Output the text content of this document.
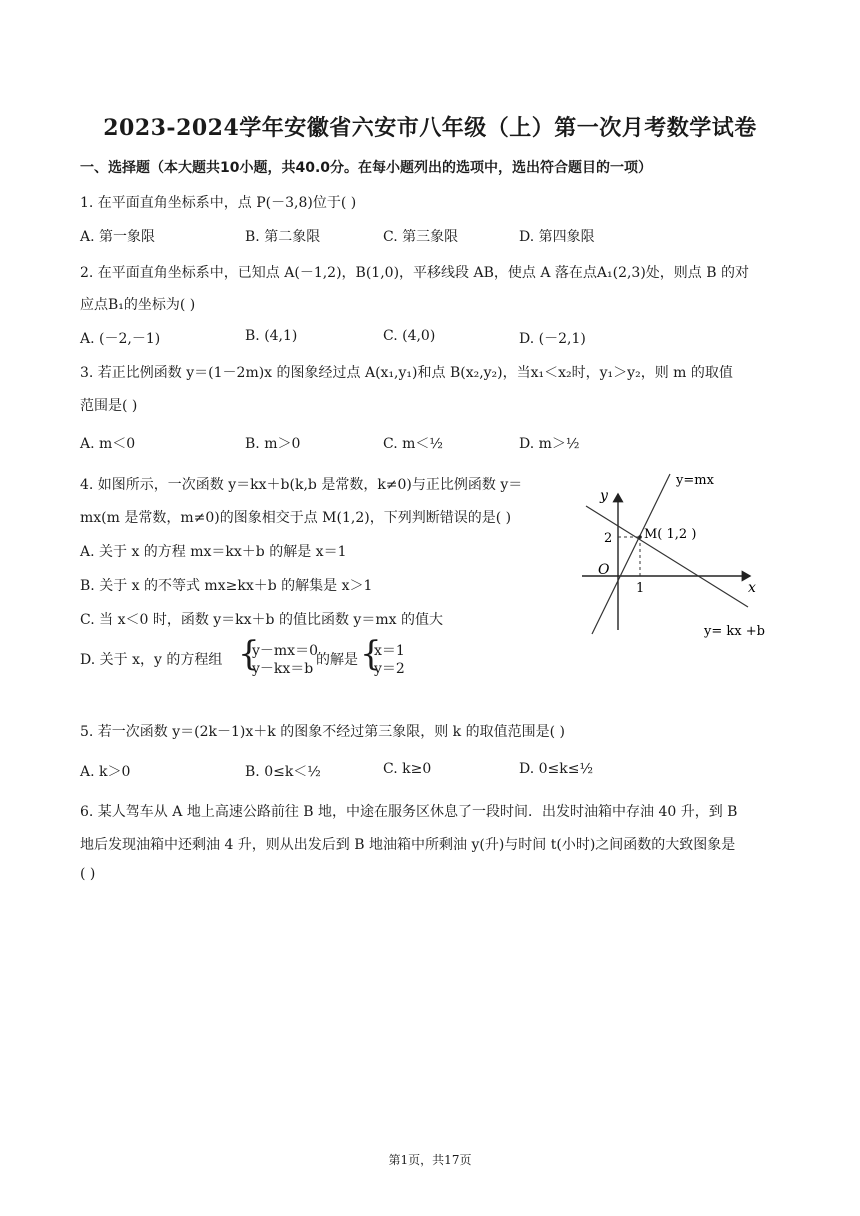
2023-2024学年安徽省六安市八年级（上）第一次月考数学试卷
一、选择题（本大题共10小题，共40.0分。在每小题列出的选项中，选出符合题目的一项）
1. 在平面直角坐标系中，点 P(－3,8)位于( )
A. 第一象限	B. 第二象限	C. 第三象限	D. 第四象限
2. 在平面直角坐标系中，已知点 A(－1,2)，B(1,0)，平移线段 AB，使点 A 落在点A₁(2,3)处，则点 B 的对
应点B₁的坐标为( )
A. (－2,－1)	B. (4,1)	C. (4,0)	D. (－2,1)
3. 若正比例函数 y＝(1－2m)x 的图象经过点 A(x₁,y₁)和点 B(x₂,y₂)，当x₁＜x₂时，y₁＞y₂，则 m 的取值
范围是( )
A. m＜0	B. m＞0	C. m＜½	D. m＞½
4. 如图所示，一次函数 y＝kx＋b(k,b 是常数，k≠0)与正比例函数 y＝
mx(m 是常数，m≠0)的图象相交于点 M(1,2)，下列判断错误的是( )
A. 关于 x 的方程 mx＝kx＋b 的解是 x＝1
B. 关于 x 的不等式 mx≥kx＋b 的解集是 x＞1
C. 当 x＜0 时，函数 y＝kx＋b 的值比函数 y＝mx 的值大
D. 关于 x，y 的方程组 {
y－mx＝0
y－kx＝b
的解是 {
x＝1
y＝2
y
x
O
1
2 M( 1,2 )
y=mx
y= kx +b
5. 若一次函数 y＝(2k－1)x＋k 的图象不经过第三象限，则 k 的取值范围是( )
A. k＞0	B. 0≤k＜½	C. k≥0	D. 0≤k≤½
6. 某人驾车从 A 地上高速公路前往 B 地，中途在服务区休息了一段时间．出发时油箱中存油 40 升，到 B
地后发现油箱中还剩油 4 升，则从出发后到 B 地油箱中所剩油 y(升)与时间 t(小时)之间函数的大致图象是
( )
第1页，共17页
